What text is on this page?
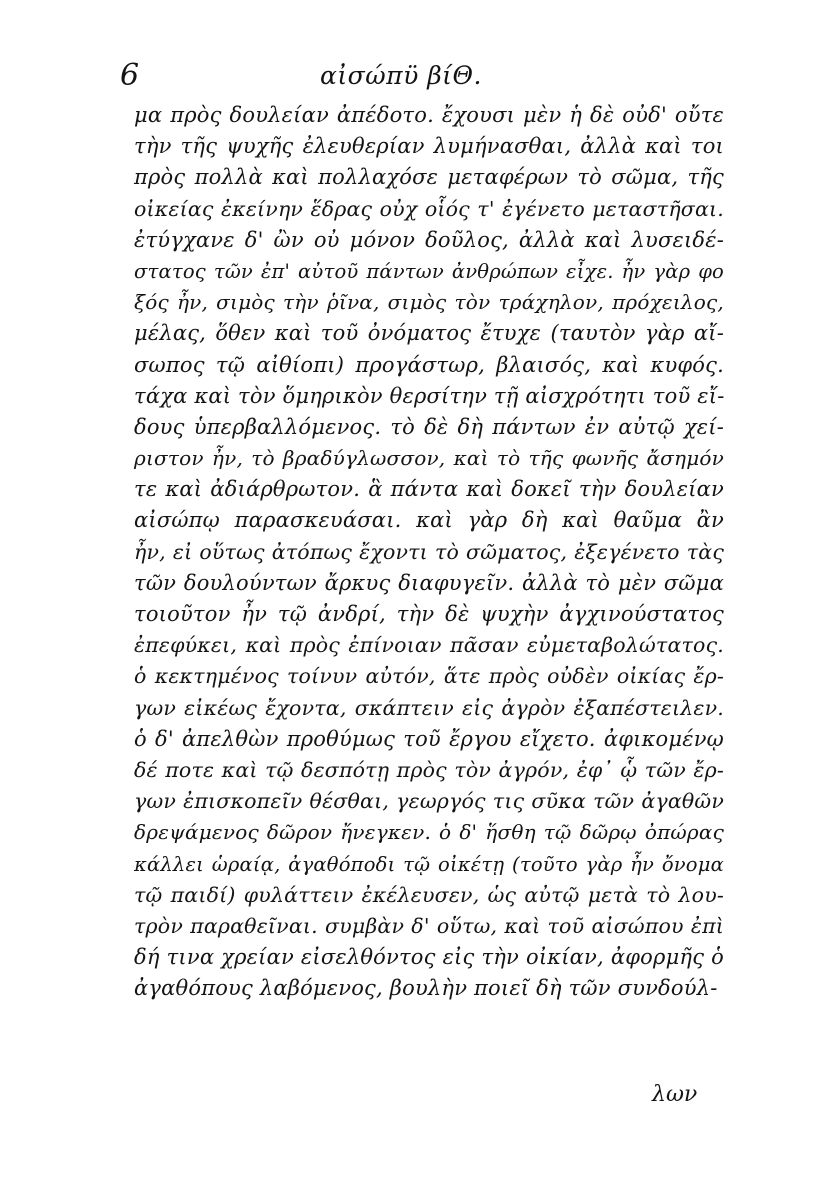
6	αἰσώπϋ βίΘ.
μα πρὸς δουλείαν ἀπέδοτο. ἔχουσι μὲν ἡ δὲ οὐδ' οὔτε
τὴν τῆς ψυχῆς ἐλευθερίαν λυμήνασθαι, ἀλλὰ καὶ τοι
πρὸς πολλὰ καὶ πολλαχόσε μεταφέρων τὸ σῶμα, τῆς
οἰκείας ἐκείνην ἕδρας οὐχ οἷός τ' ἐγένετο μεταστῆσαι.
ἐτύγχανε δ' ὢν οὐ μόνον δοῦλος, ἀλλὰ καὶ λυσειδέ-
στατος τῶν ἐπ' αὐτοῦ πάντων ἀνθρώπων εἶχε. ἦν γὰρ φο
ξός ἦν, σιμὸς τὴν ῥῖνα, σιμὸς τὸν τράχηλον, πρόχειλος,
μέλας, ὅθεν καὶ τοῦ ὀνόματος ἔτυχε (ταυτὸν γὰρ αἴ-
σωπος τῷ αἰθίοπι) προγάστωρ, βλαισός, καὶ κυφός.
τάχα καὶ τὸν ὅμηρικὸν θερσίτην τῇ αἰσχρότητι τοῦ εἴ-
δους ὑπερβαλλόμενος. τὸ δὲ δὴ πάντων ἐν αὐτῷ χεί-
ριστον ἦν, τὸ βραδύγλωσσον, καὶ τὸ τῆς φωνῆς ἄσημόν
τε καὶ ἀδιάρθρωτον. ἃ πάντα καὶ δοκεῖ τὴν δουλείαν
αἰσώπῳ παρασκευάσαι. καὶ γὰρ δὴ καὶ θαῦμα ἂν
ἦν, εἰ οὕτως ἀτόπως ἔχοντι τὸ σῶματος, ἐξεγένετο τὰς
τῶν δουλούντων ἄρκυς διαφυγεῖν. ἀλλὰ τὸ μὲν σῶμα
τοιοῦτον ἦν τῷ ἀνδρί, τὴν δὲ ψυχὴν ἀγχινούστατος
ἐπεφύκει, καὶ πρὸς ἐπίνοιαν πᾶσαν εὐμεταβολώτατος.
ὁ κεκτημένος τοίνυν αὐτόν, ἅτε πρὸς οὐδὲν οἰκίας ἔρ-
γων εἰκέως ἔχοντα, σκάπτειν εἰς ἀγρὸν ἐξαπέστειλεν.
ὁ δ' ἀπελθὼν προθύμως τοῦ ἔργου εἴχετο. ἀφικομένῳ
δέ ποτε καὶ τῷ δεσπότῃ πρὸς τὸν ἀγρόν, ἐφ᾽ ᾧ τῶν ἔρ-
γων ἐπισκοπεῖν θέσθαι, γεωργός τις σῦκα τῶν ἀγαθῶν
δρεψάμενος δῶρον ἤνεγκεν. ὁ δ' ἥσθη τῷ δῶρῳ ὀπώρας
κάλλει ὡραίᾳ, ἀγαθόποδι τῷ οἰκέτῃ (τοῦτο γὰρ ἦν ὄνομα
τῷ παιδί) φυλάττειν ἐκέλευσεν, ὡς αὐτῷ μετὰ τὸ λου-
τρὸν παραθεῖναι. συμβὰν δ' οὕτω, καὶ τοῦ αἰσώπου ἐπὶ
δή τινα χρείαν εἰσελθόντος εἰς τὴν οἰκίαν, ἀφορμῆς ὁ
ἀγαθόπους λαβόμενος, βουλὴν ποιεῖ δὴ τῶν συνδούλ-
λων
